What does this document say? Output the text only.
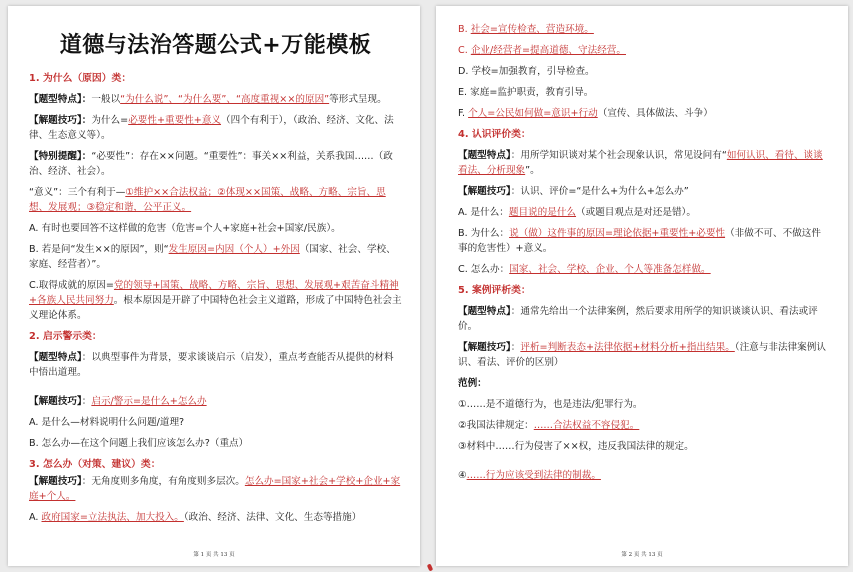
道德与法治答题公式+万能模板
1. 为什么（原因）类：
【题型特点】：一般以“为什么说”、“为什么要”、“高度重视××的原因”等形式呈现。
【解题技巧】：为什么=必要性+重要性+意义（四个有利于），（政治、经济、文化、法律、生态意义等）。
【特别提醒】：“必要性”：存在××问题。“重要性”：事关××利益，关系我国……（政治、经济、社会）。
“意义”：三个有利于—①维护××合法权益；②体现××国策、战略、方略、宗旨、思想、发展观；③稳定和谐，公平正义。
A. 有时也要回答不这样做的危害（危害=个人+家庭+社会+国家/民族）。
B. 若是问“发生××的原因”，则“发生原因=内因（个人）+外因（国家、社会、学校、家庭、经营者）”。
C.取得成就的原因=党的领导+国策、战略、方略、宗旨、思想、发展观+艰苦奋斗精神+各族人民共同努力。根本原因是开辟了中国特色社会主义道路，形成了中国特色社会主义理论体系。
2. 启示警示类：
【题型特点】：以典型事件为背景，要求谈谈启示（启发），重点考查能否从提供的材料中悟出道理。
【解题技巧】：启示/警示=是什么+怎么办
A. 是什么—材料说明什么问题/道理?
B. 怎么办—在这个问题上我们应该怎么办?（重点）
3. 怎么办（对策、建议）类：
【解题技巧】：无角度则多角度，有角度则多层次。怎么办=国家+社会+学校+企业+家庭+个人。
A. 政府国家=立法执法、加大投入。（政治、经济、法律、文化、生态等措施）
第 1 页 共 13 页
B. 社会=宣传检查、营造环境。
C. 企业/经营者=提高道德、守法经营。
D. 学校=加强教育，引导检查。
E. 家庭=监护职责，教育引导。
F. 个人=公民如何做=意识+行动（宣传、具体做法、斗争）
4. 认识评价类：
【题型特点】：用所学知识谈对某个社会现象认识，常见设问有“如何认识、看待、谈谈看法、分析现象”。
【解题技巧】：认识、评价=“是什么+为什么+怎么办”
A. 是什么：题目说的是什么（或题目观点是对还是错）。
B. 为什么：说（做）这件事的原因=理论依据+重要性+必要性（非做不可、不做这件事的危害性）+意义。
C. 怎么办：国家、社会、学校、企业、个人等准备怎样做。
5. 案例评析类：
【题型特点】：通常先给出一个法律案例，然后要求用所学的知识谈谈认识、看法或评价。
【解题技巧】：评析=判断表态+法律依据+材料分析+指出结果。（注意与非法律案例认识、看法、评价的区别）
范例：
①……是不道德行为，也是违法/犯罪行为。
②我国法律规定：……合法权益不容侵犯。
③材料中……行为侵害了××权，违反我国法律的规定。
④……行为应该受到法律的制裁。
第 2 页 共 13 页
